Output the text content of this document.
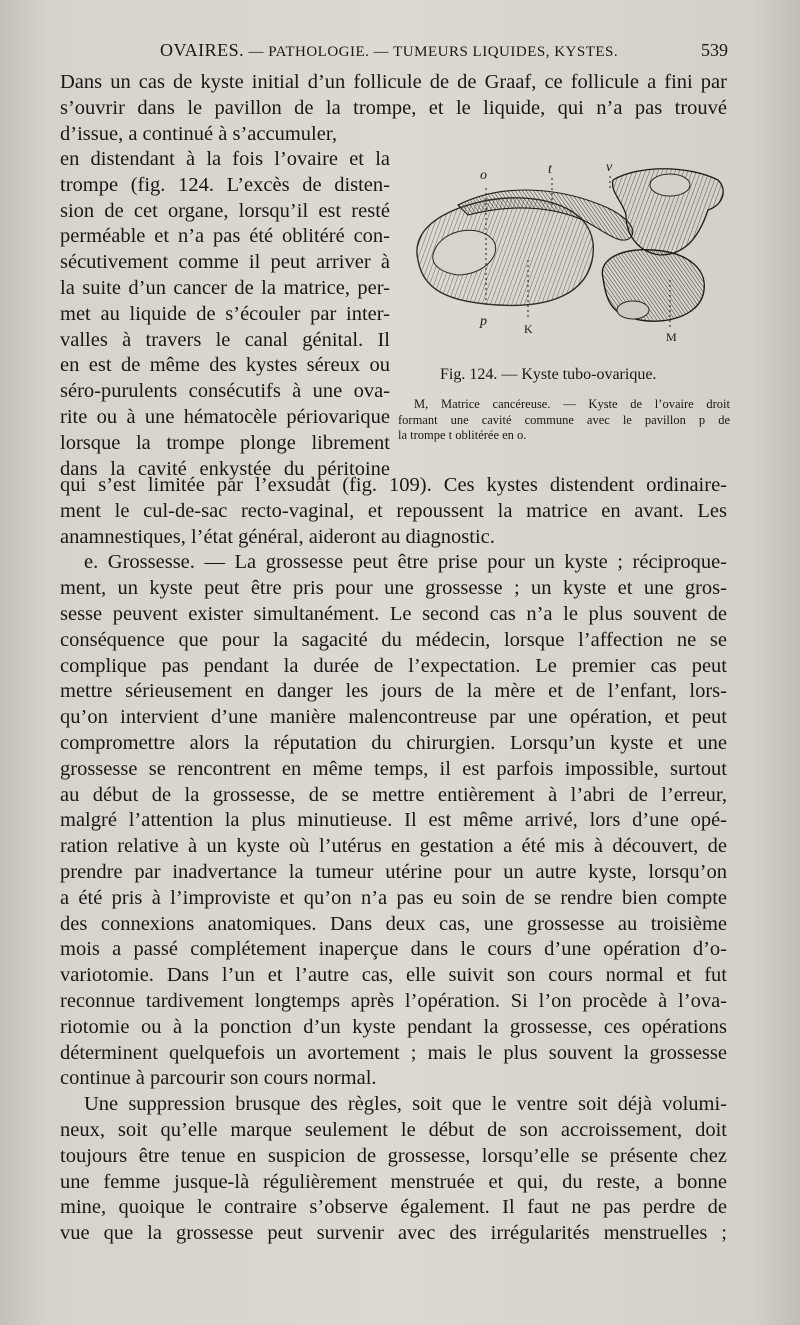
OVAIRES. — PATHOLOGIE. — TUMEURS LIQUIDES, KYSTES.	539
Dans un cas de kyste initial d’un follicule de de Graaf, ce follicule a fini par
s’ouvrir dans le pavillon de la trompe, et le liquide, qui n’a pas trouvé
d’issue, a continué à s’accumuler,
en distendant à la fois l’ovaire et la
trompe (fig. 124. L’excès de disten-
sion de cet organe, lorsqu’il est resté
perméable et n’a pas été oblitéré con-
sécutivement comme il peut arriver à
la suite d’un cancer de la matrice, per-
met au liquide de s’écouler par inter-
valles à travers le canal génital. Il
en est de même des kystes séreux ou
séro-purulents consécutifs à une ova-
rite ou à une hématocèle périovarique
lorsque la trompe plonge librement
dans la cavité enkystée du péritoine
o	t	v
p	K
M
Fig. 124. — Kyste tubo-ovarique.
M, Matrice cancéreuse. — Kyste de l’ovaire droit
formant une cavité commune avec le pavillon p de
la trompe t oblitérée en o.
qui s’est limitée par l’exsudat (fig. 109). Ces kystes distendent ordinaire-
ment le cul-de-sac recto-vaginal, et repoussent la matrice en avant. Les
anamnestiques, l’état général, aideront au diagnostic.
e. Grossesse. — La grossesse peut être prise pour un kyste ; réciproque-
ment, un kyste peut être pris pour une grossesse ; un kyste et une gros-
sesse peuvent exister simultanément. Le second cas n’a le plus souvent de
conséquence que pour la sagacité du médecin, lorsque l’affection ne se
complique pas pendant la durée de l’expectation. Le premier cas peut
mettre sérieusement en danger les jours de la mère et de l’enfant, lors-
qu’on intervient d’une manière malencontreuse par une opération, et peut
compromettre alors la réputation du chirurgien. Lorsqu’un kyste et une
grossesse se rencontrent en même temps, il est parfois impossible, surtout
au début de la grossesse, de se mettre entièrement à l’abri de l’erreur,
malgré l’attention la plus minutieuse. Il est même arrivé, lors d’une opé-
ration relative à un kyste où l’utérus en gestation a été mis à découvert, de
prendre par inadvertance la tumeur utérine pour un autre kyste, lorsqu’on
a été pris à l’improviste et qu’on n’a pas eu soin de se rendre bien compte
des connexions anatomiques. Dans deux cas, une grossesse au troisième
mois a passé complétement inaperçue dans le cours d’une opération d’o-
variotomie. Dans l’un et l’autre cas, elle suivit son cours normal et fut
reconnue tardivement longtemps après l’opération. Si l’on procède à l’ova-
riotomie ou à la ponction d’un kyste pendant la grossesse, ces opérations
déterminent quelquefois un avortement ; mais le plus souvent la grossesse
continue à parcourir son cours normal.
Une suppression brusque des règles, soit que le ventre soit déjà volumi-
neux, soit qu’elle marque seulement le début de son accroissement, doit
toujours être tenue en suspicion de grossesse, lorsqu’elle se présente chez
une femme jusque-là régulièrement menstruée et qui, du reste, a bonne
mine, quoique le contraire s’observe également. Il faut ne pas perdre de
vue que la grossesse peut survenir avec des irrégularités menstruelles ;
